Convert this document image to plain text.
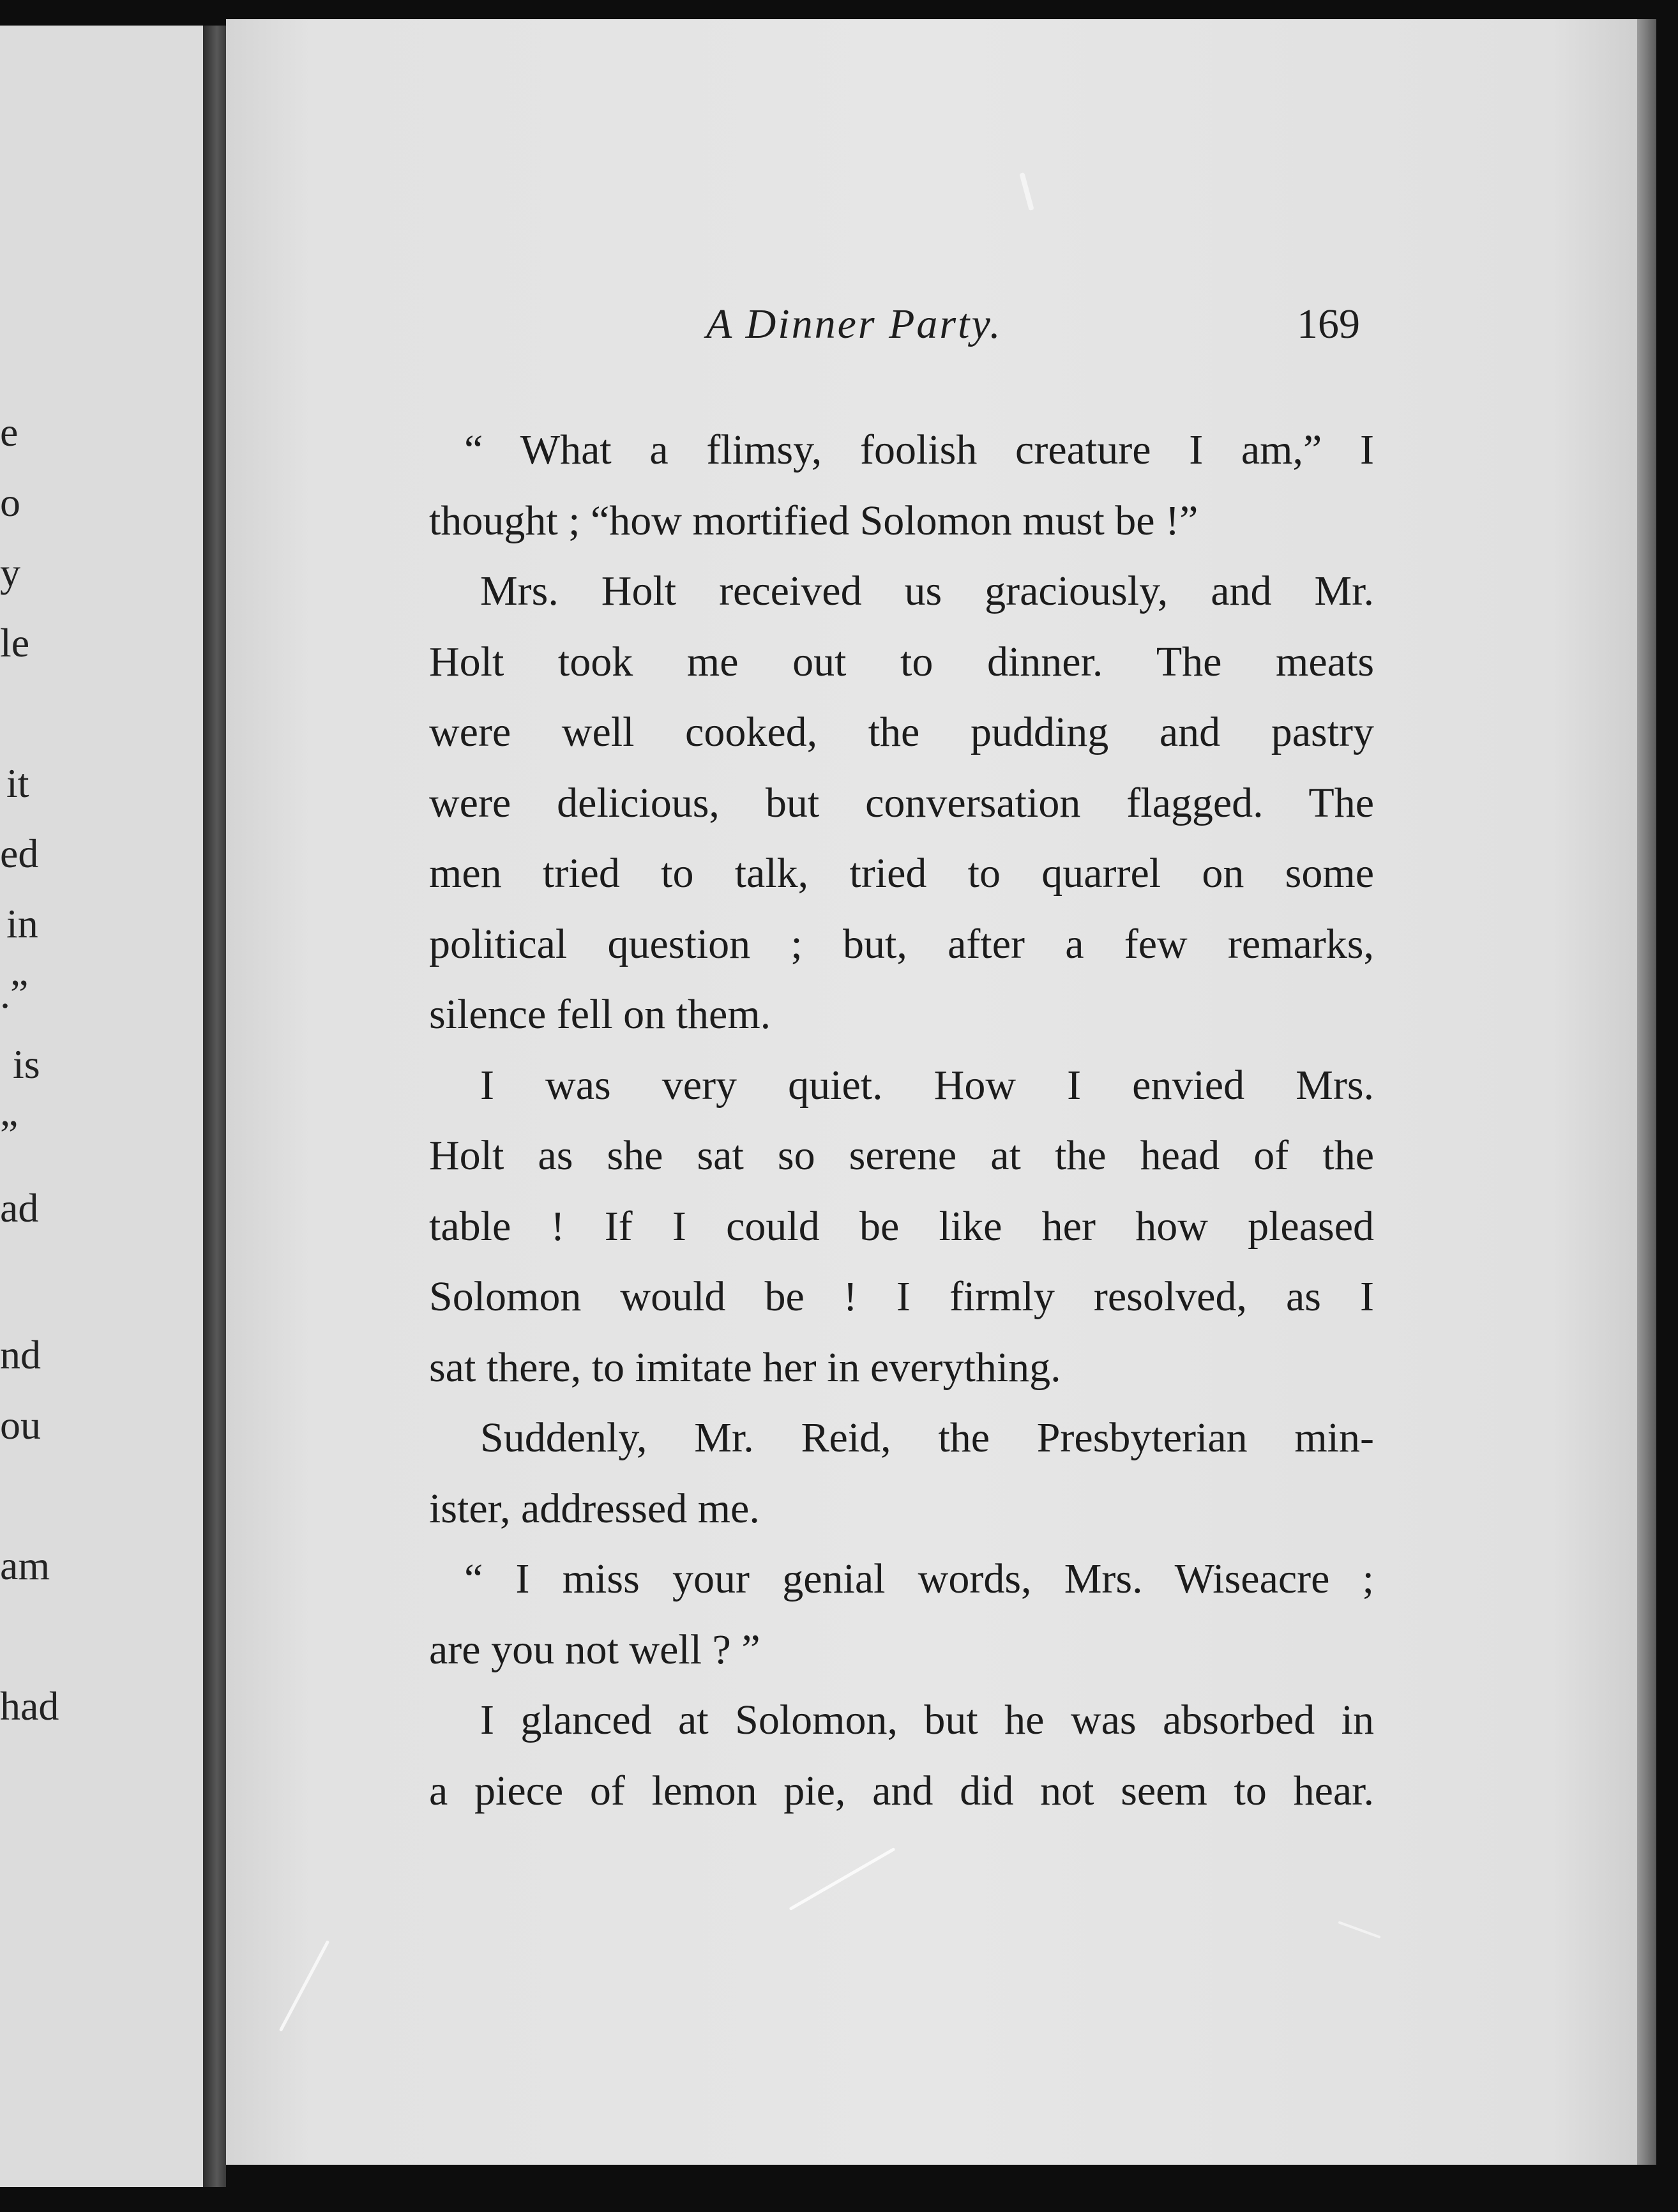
e
o
y
le
it
ed
in
.”
is
”
ad
nd
ou
am
had
A Dinner Party.	169
“ What a flimsy, foolish creature I am,” I
thought ; “how mortified Solomon must be !”
Mrs. Holt received us graciously, and Mr.
Holt took me out to dinner. The meats
were well cooked, the pudding and pastry
were delicious, but conversation flagged. The
men tried to talk, tried to quarrel on some
political question ; but, after a few remarks,
silence fell on them.
I was very quiet. How I envied Mrs.
Holt as she sat so serene at the head of the
table ! If I could be like her how pleased
Solomon would be ! I firmly resolved, as I
sat there, to imitate her in everything.
Suddenly, Mr. Reid, the Presbyterian min-
ister, addressed me.
“ I miss your genial words, Mrs. Wiseacre ;
are you not well ? ”
I glanced at Solomon, but he was absorbed in
a piece of lemon pie, and did not seem to hear.
